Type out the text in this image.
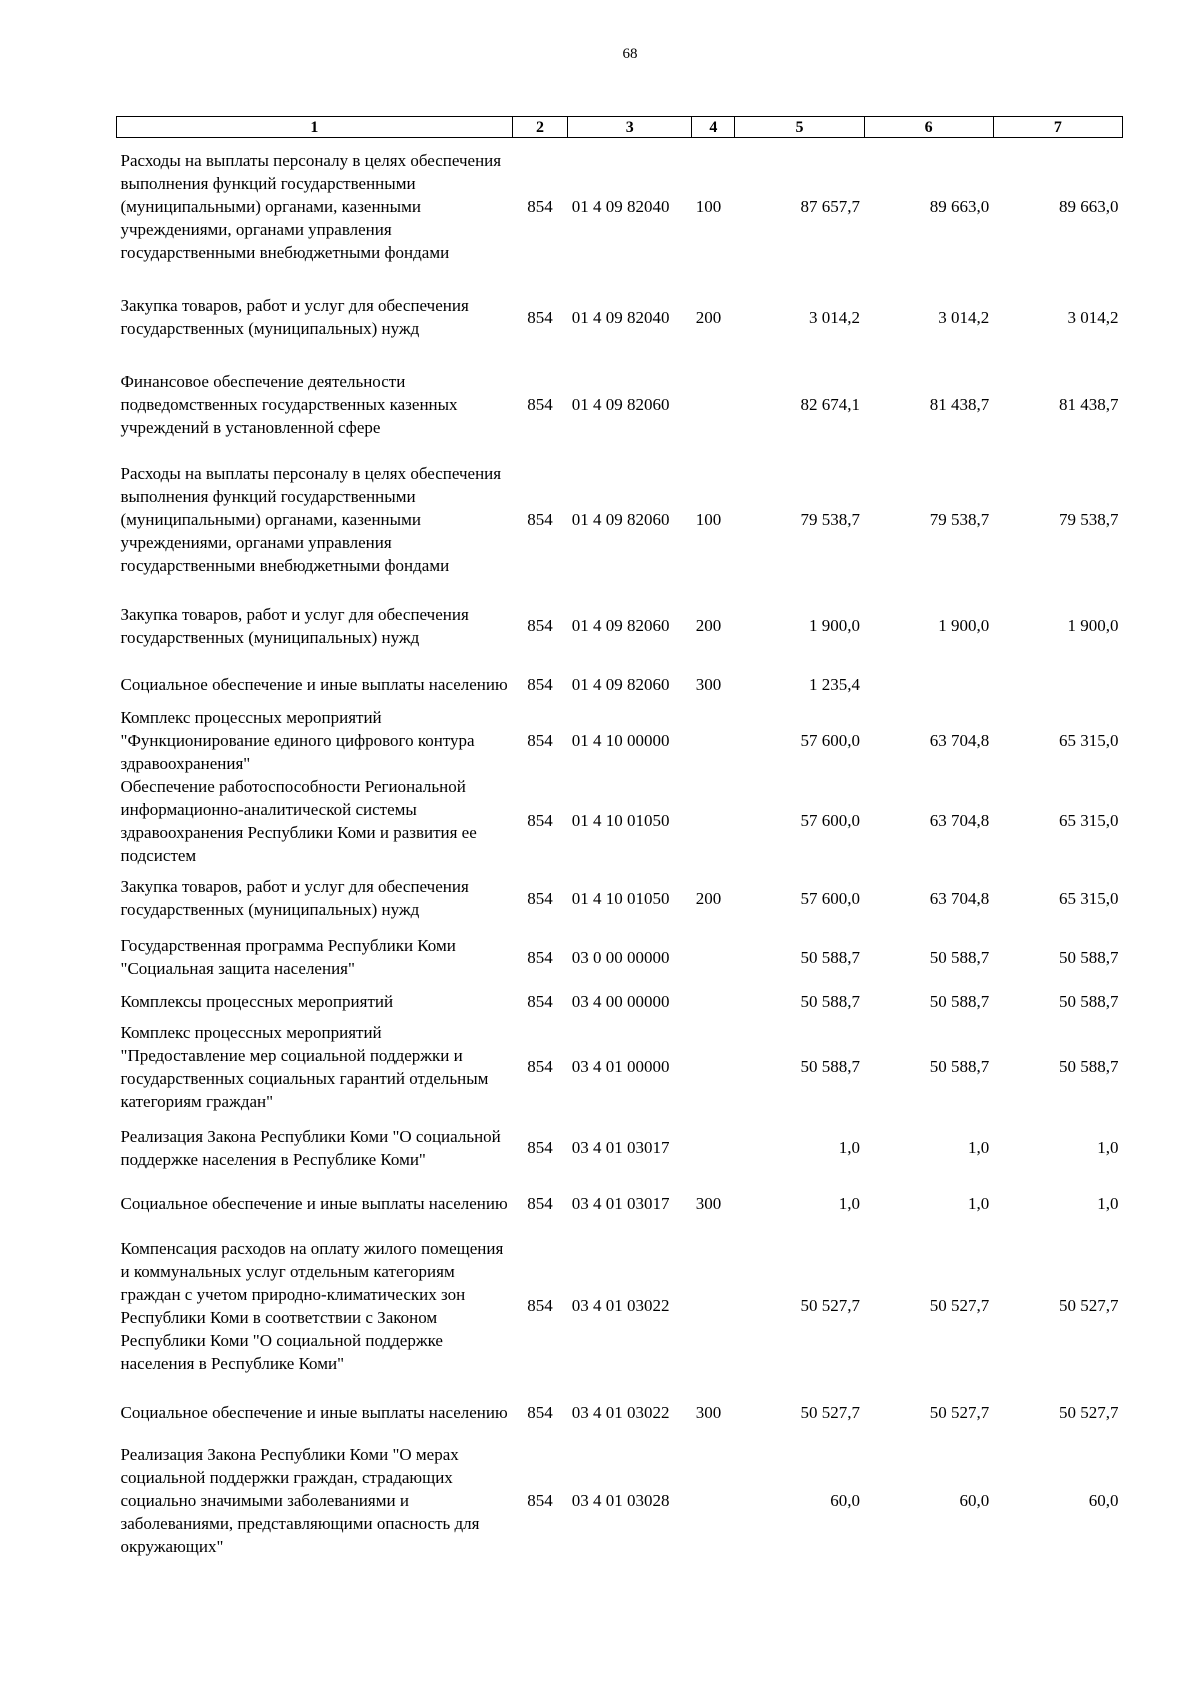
68
1	2	3	4	5	6	7
Расходы на выплаты персоналу в целях обеспечения выполнения функций государственными (муниципальными) органами, казенными учреждениями, органами управления государственными внебюджетными фондами	854	01 4 09 82040	100	87 657,7	89 663,0	89 663,0
Закупка товаров, работ и услуг для обеспечения государственных (муниципальных) нужд	854	01 4 09 82040	200	3 014,2	3 014,2	3 014,2
Финансовое обеспечение деятельности подведомственных государственных казенных учреждений в установленной сфере	854	01 4 09 82060		82 674,1	81 438,7	81 438,7
Расходы на выплаты персоналу в целях обеспечения выполнения функций государственными (муниципальными) органами, казенными учреждениями, органами управления государственными внебюджетными фондами	854	01 4 09 82060	100	79 538,7	79 538,7	79 538,7
Закупка товаров, работ и услуг для обеспечения государственных (муниципальных) нужд	854	01 4 09 82060	200	1 900,0	1 900,0	1 900,0
Социальное обеспечение и иные выплаты населению	854	01 4 09 82060	300	1 235,4		
Комплекс процессных мероприятий "Функционирование единого цифрового контура здравоохранения"	854	01 4 10 00000		57 600,0	63 704,8	65 315,0
Обеспечение работоспособности Региональной информационно-аналитической системы здравоохранения Республики Коми и развития ее подсистем	854	01 4 10 01050		57 600,0	63 704,8	65 315,0
Закупка товаров, работ и услуг для обеспечения государственных (муниципальных) нужд	854	01 4 10 01050	200	57 600,0	63 704,8	65 315,0
Государственная программа Республики Коми "Социальная защита населения"	854	03 0 00 00000		50 588,7	50 588,7	50 588,7
Комплексы процессных мероприятий	854	03 4 00 00000		50 588,7	50 588,7	50 588,7
Комплекс процессных мероприятий "Предоставление мер социальной поддержки и государственных социальных гарантий отдельным категориям граждан"	854	03 4 01 00000		50 588,7	50 588,7	50 588,7
Реализация Закона Республики Коми "О социальной поддержке населения в Республике Коми"	854	03 4 01 03017		1,0	1,0	1,0
Социальное обеспечение и иные выплаты населению	854	03 4 01 03017	300	1,0	1,0	1,0
Компенсация расходов на оплату жилого помещения и коммунальных услуг отдельным категориям граждан с учетом природно-климатических зон Республики Коми в соответствии с Законом Республики Коми "О социальной поддержке населения в Республике Коми"	854	03 4 01 03022		50 527,7	50 527,7	50 527,7
Социальное обеспечение и иные выплаты населению	854	03 4 01 03022	300	50 527,7	50 527,7	50 527,7
Реализация Закона Республики Коми "О мерах социальной поддержки граждан, страдающих социально значимыми заболеваниями и заболеваниями, представляющими опасность для окружающих"	854	03 4 01 03028		60,0	60,0	60,0
